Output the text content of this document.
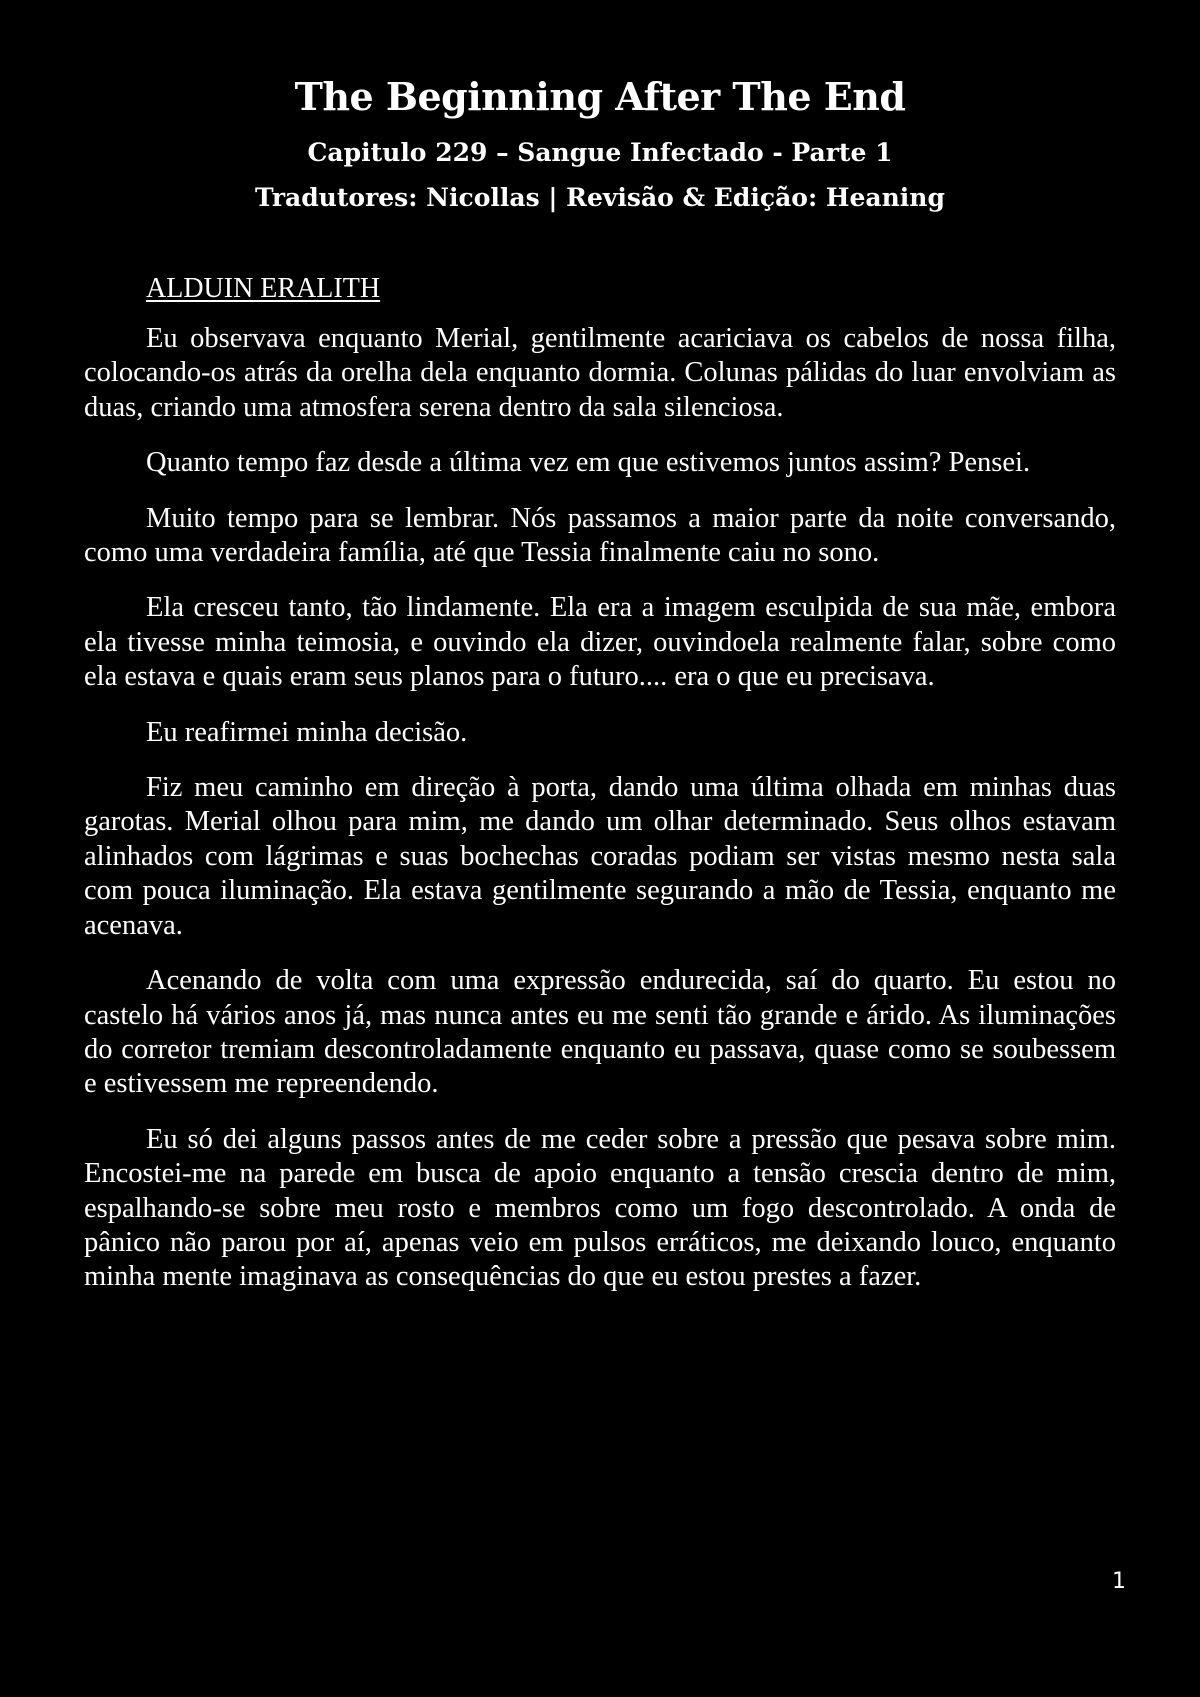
The Beginning After The End
Capitulo 229 – Sangue Infectado - Parte 1
Tradutores: Nicollas | Revisão & Edição: Heaning
ALDUIN ERALITH

Eu observava enquanto Merial, gentilmente acariciava os cabelos de nossa filha, colocando-os atrás da orelha dela enquanto dormia. Colunas pálidas do luar envolviam as duas, criando uma atmosfera serena dentro da sala silenciosa.

Quanto tempo faz desde a última vez em que estivemos juntos assim? Pensei.

Muito tempo para se lembrar. Nós passamos a maior parte da noite conversando, como uma verdadeira família, até que Tessia finalmente caiu no sono.

Ela cresceu tanto, tão lindamente. Ela era a imagem esculpida de sua mãe, embora ela tivesse minha teimosia, e ouvindo ela dizer, ouvindoela realmente falar, sobre como ela estava e quais eram seus planos para o futuro.... era o que eu precisava.

Eu reafirmei minha decisão.

Fiz meu caminho em direção à porta, dando uma última olhada em minhas duas garotas. Merial olhou para mim, me dando um olhar determinado. Seus olhos estavam alinhados com lágrimas e suas bochechas coradas podiam ser vistas mesmo nesta sala com pouca iluminação. Ela estava gentilmente segurando a mão de Tessia, enquanto me acenava.

Acenando de volta com uma expressão endurecida, saí do quarto. Eu estou no castelo há vários anos já, mas nunca antes eu me senti tão grande e árido. As iluminações do corretor tremiam descontroladamente enquanto eu passava, quase como se soubessem e estivessem me repreendendo.

Eu só dei alguns passos antes de me ceder sobre a pressão que pesava sobre mim. Encostei-me na parede em busca de apoio enquanto a tensão crescia dentro de mim, espalhando-se sobre meu rosto e membros como um fogo descontrolado. A onda de pânico não parou por aí, apenas veio em pulsos erráticos, me deixando louco, enquanto minha mente imaginava as consequências do que eu estou prestes a fazer.

1
